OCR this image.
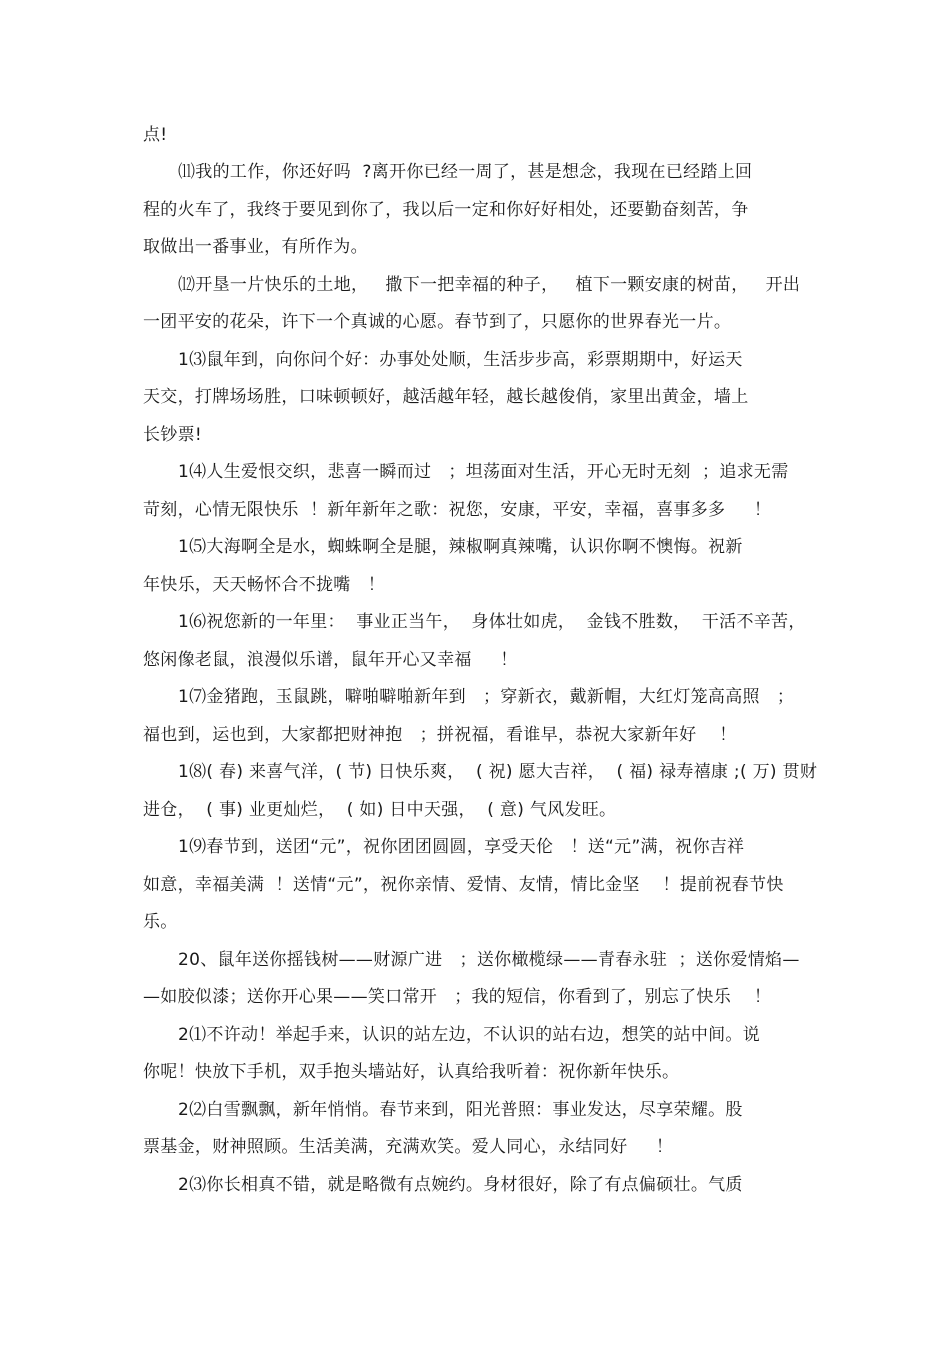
点!

⑾我的工作，你还好吗  ?离开你已经一周了，甚是想念，我现在已经踏上回

程的火车了，我终于要见到你了，我以后一定和你好好相处，还要勤奋刻苦，争

取做出一番事业，有所作为。

⑿开垦一片快乐的土地，   撒下一把幸福的种子，   植下一颗安康的树苗，   开出

一团平安的花朵，许下一个真诚的心愿。春节到了，只愿你的世界春光一片。

1⑶鼠年到，向你问个好：办事处处顺，生活步步高，彩票期期中，好运天

天交，打牌场场胜，口味顿顿好，越活越年轻，越长越俊俏，家里出黄金，墙上

长钞票!

1⑷人生爱恨交织，悲喜一瞬而过   ；坦荡面对生活，开心无时无刻  ；追求无需

苛刻，心情无限快乐  ！新年新年之歌：祝您，安康，平安，幸福，喜事多多     ！

1⑸大海啊全是水，蜘蛛啊全是腿，辣椒啊真辣嘴，认识你啊不懊悔。祝新

年快乐，天天畅怀合不拢嘴   ！

1⑹祝您新的一年里：  事业正当午，  身体壮如虎，  金钱不胜数，  干活不辛苦，

悠闲像老鼠，浪漫似乐谱，鼠年开心又幸福     ！

1⑺金猪跑，玉鼠跳，噼啪噼啪新年到   ；穿新衣，戴新帽，大红灯笼高高照   ；

福也到，运也到，大家都把财神抱   ；拼祝福，看谁早，恭祝大家新年好    ！

1⑻( 春) 来喜气洋，( 节) 日快乐爽，  ( 祝) 愿大吉祥，  ( 福) 禄寿禧康 ;( 万) 贯财

进仓，  ( 事) 业更灿烂，  ( 如) 日中天强，  ( 意) 气风发旺。

1⑼春节到，送团“元”，祝你团团圆圆，享受天伦   ！送“元”满，祝你吉祥

如意，幸福美满  ！送情“元”，祝你亲情、爱情、友情，情比金坚    ！提前祝春节快

乐。

20、鼠年送你摇钱树——财源广进   ；送你橄榄绿——青春永驻  ；送你爱情焰—

—如胶似漆；送你开心果——笑口常开   ；我的短信，你看到了，别忘了快乐    ！

2⑴不许动！举起手来，认识的站左边，不认识的站右边，想笑的站中间。说

你呢！快放下手机，双手抱头墙站好，认真给我听着：祝你新年快乐。

2⑵白雪飘飘，新年悄悄。春节来到，阳光普照：事业发达，尽享荣耀。股

票基金，财神照顾。生活美满，充满欢笑。爱人同心，永结同好     ！

2⑶你长相真不错，就是略微有点婉约。身材很好，除了有点偏硕壮。气质
